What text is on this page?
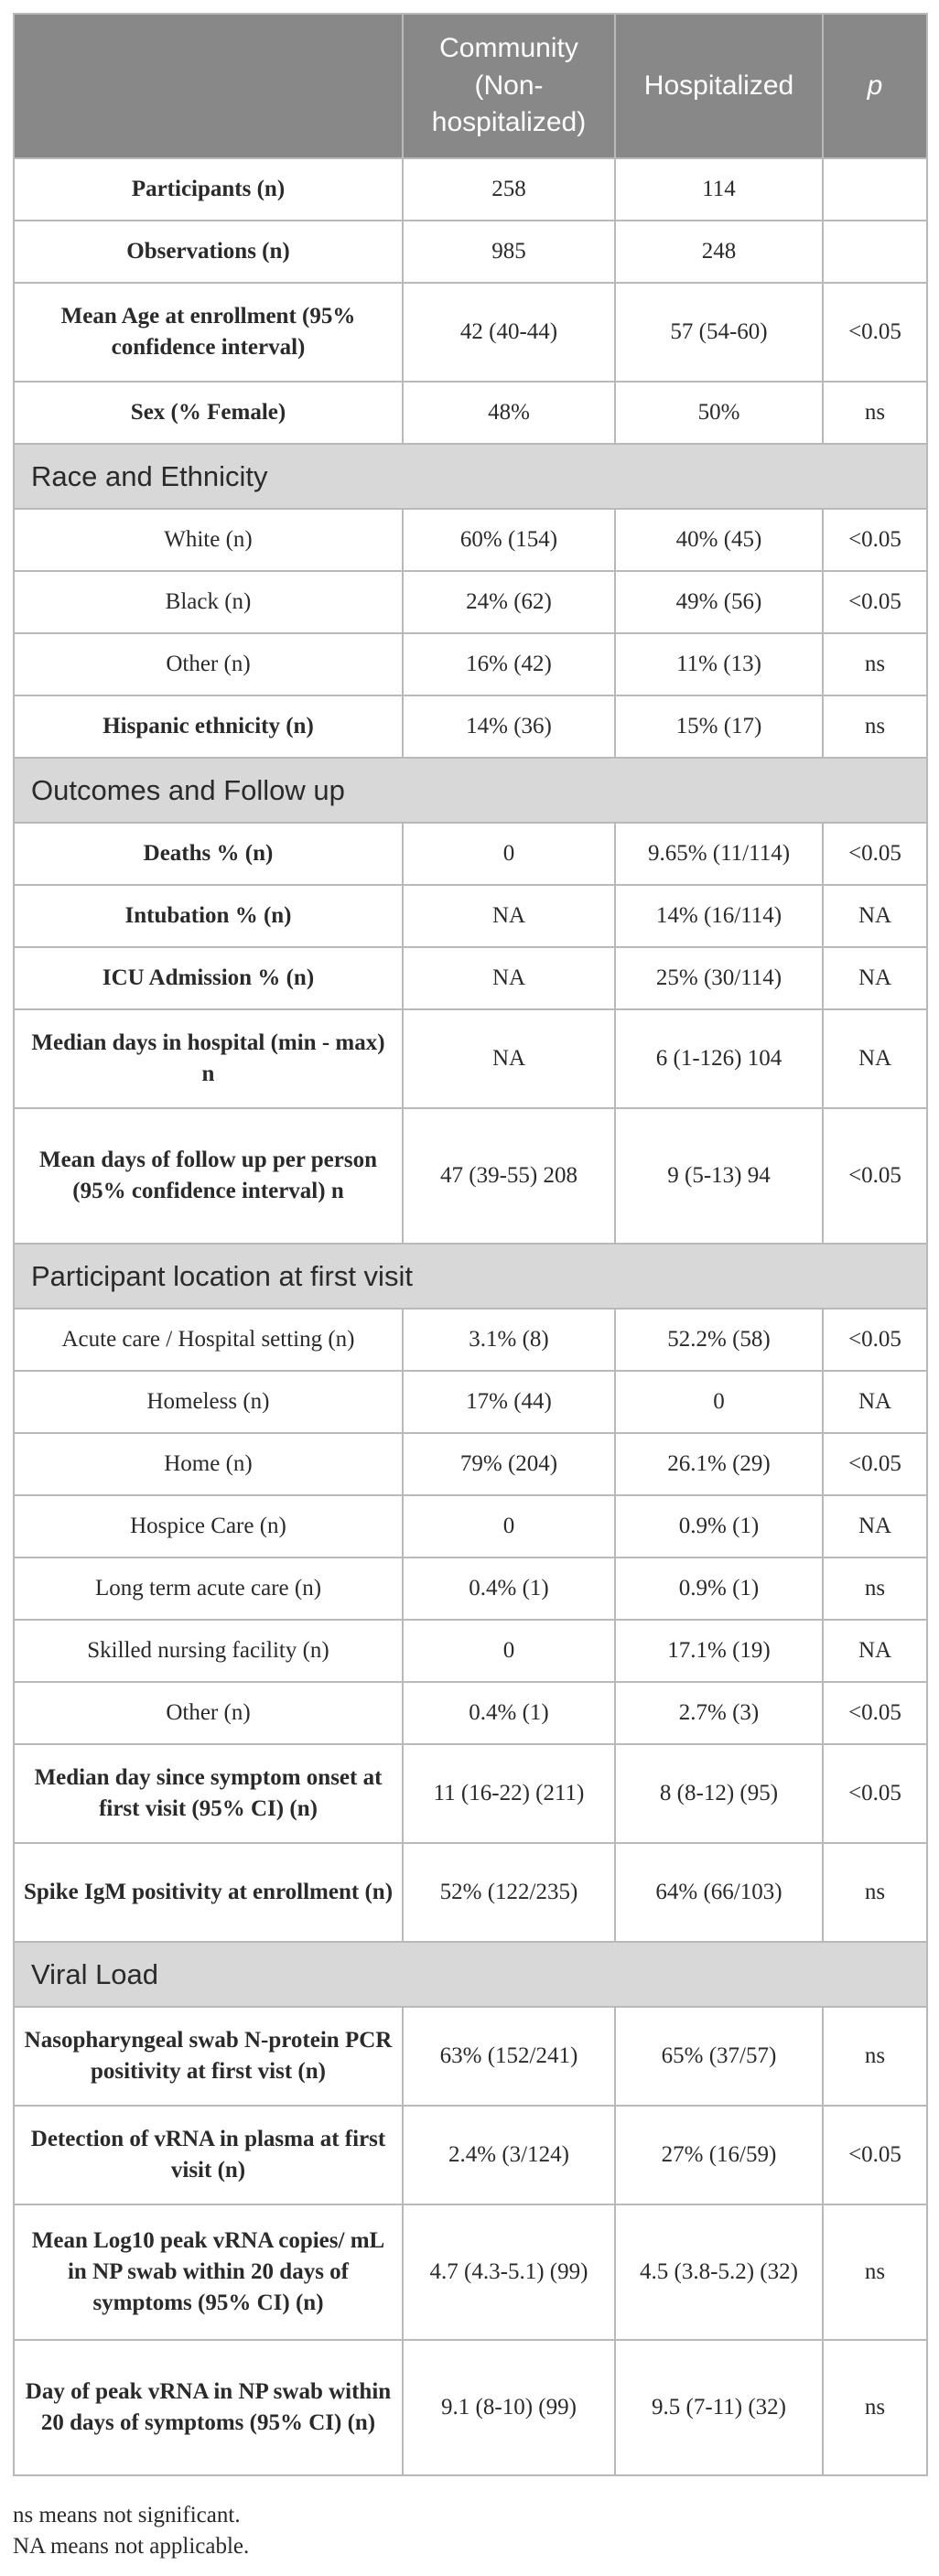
	Community (Non-hospitalized)	Hospitalized	p
Participants (n)	258	114	
Observations (n)	985	248	
Mean Age at enrollment (95% confidence interval)	42 (40-44)	57 (54-60)	<0.05
Sex (% Female)	48%	50%	ns
Race and Ethnicity			
White (n)	60% (154)	40% (45)	<0.05
Black (n)	24% (62)	49% (56)	<0.05
Other (n)	16% (42)	11% (13)	ns
Hispanic ethnicity (n)	14% (36)	15% (17)	ns
Outcomes and Follow up			
Deaths % (n)	0	9.65% (11/114)	<0.05
Intubation % (n)	NA	14% (16/114)	NA
ICU Admission % (n)	NA	25% (30/114)	NA
Median days in hospital (min - max) n	NA	6 (1-126) 104	NA
Mean days of follow up per person (95% confidence interval) n	47 (39-55) 208	9 (5-13) 94	<0.05
Participant location at first visit			
Acute care / Hospital setting (n)	3.1% (8)	52.2% (58)	<0.05
Homeless (n)	17% (44)	0	NA
Home (n)	79% (204)	26.1% (29)	<0.05
Hospice Care (n)	0	0.9% (1)	NA
Long term acute care (n)	0.4% (1)	0.9% (1)	ns
Skilled nursing facility (n)	0	17.1% (19)	NA
Other (n)	0.4% (1)	2.7% (3)	<0.05
Median day since symptom onset at first visit (95% CI) (n)	11 (16-22) (211)	8 (8-12) (95)	<0.05
Spike IgM positivity at enrollment (n)	52% (122/235)	64% (66/103)	ns
Viral Load			
Nasopharyngeal swab N-protein PCR positivity at first vist (n)	63% (152/241)	65% (37/57)	ns
Detection of vRNA in plasma at first visit (n)	2.4% (3/124)	27% (16/59)	<0.05
Mean Log10 peak vRNA copies/ mL in NP swab within 20 days of symptoms (95% CI) (n)	4.7 (4.3-5.1) (99)	4.5 (3.8-5.2) (32)	ns
Day of peak vRNA in NP swab within 20 days of symptoms (95% CI) (n)	9.1 (8-10) (99)	9.5 (7-11) (32)	ns
ns means not significant.
NA means not applicable.
